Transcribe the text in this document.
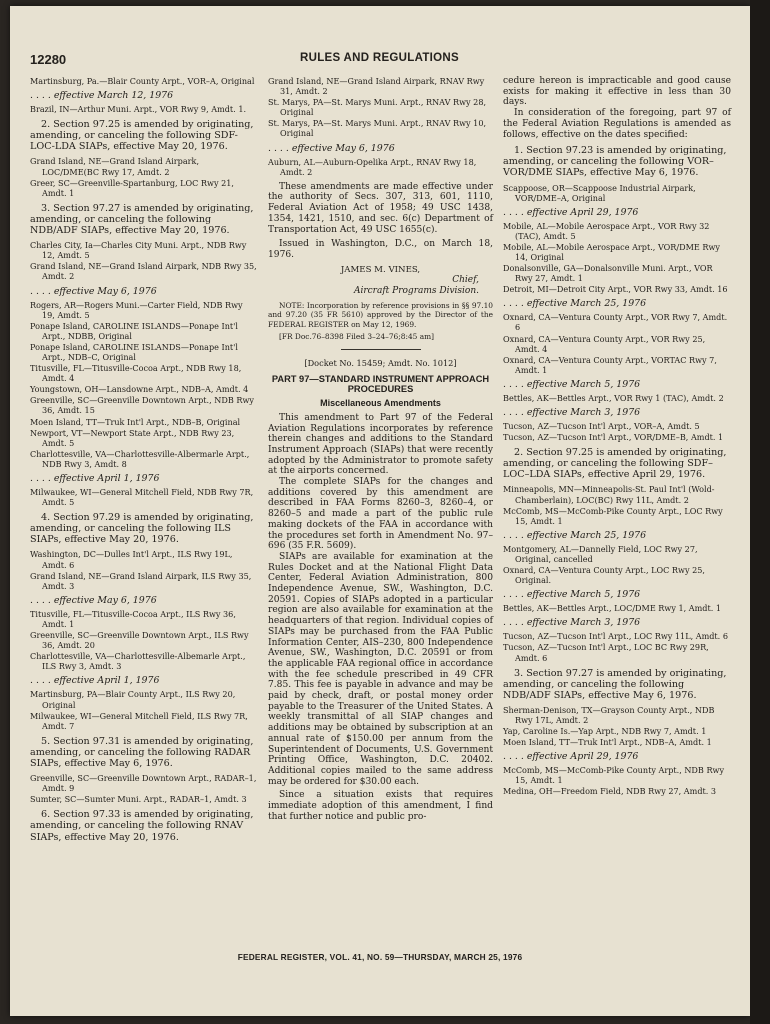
12280	RULES AND REGULATIONS

Martinsburg, Pa.—Blair County Arpt., VOR–A, Original

. . . . effective March 12, 1976

Brazil, IN—Arthur Muni. Arpt., VOR Rwy 9, Amdt. 1.

2. Section 97.25 is amended by originating, amending, or canceling the following SDF-LOC-LDA SIAPs, effective May 20, 1976.

Grand Island, NE—Grand Island Airpark, LOC/DME(BC Rwy 17, Amdt. 2

Greer, SC—Greenville-Spartanburg, LOC Rwy 21, Amdt. 1

3. Section 97.27 is amended by originating, amending, or canceling the following NDB/ADF SIAPs, effective May 20, 1976.

Charles City, Ia—Charles City Muni. Arpt., NDB Rwy 12, Amdt. 5

Grand Island, NE—Grand Island Airpark, NDB Rwy 35, Amdt. 2

. . . . effective May 6, 1976

Rogers, AR—Rogers Muni.—Carter Field, NDB Rwy 19, Amdt. 5

Ponape Island, CAROLINE ISLANDS—Ponape Int'l Arpt., NDBB, Original

Ponape Island, CAROLINE ISLANDS—Ponape Int'l Arpt., NDB–C, Original

Titusville, FL—Titusville-Cocoa Arpt., NDB Rwy 18, Amdt. 4

Youngstown, OH—Lansdowne Arpt., NDB–A, Amdt. 4

Greenville, SC—Greenville Downtown Arpt., NDB Rwy 36, Amdt. 15

Moen Island, TT—Truk Int'l Arpt., NDB–B, Original

Newport, VT—Newport State Arpt., NDB Rwy 23, Amdt. 5

Charlottesville, VA—Charlottesville-Albermarle Arpt., NDB Rwy 3, Amdt. 8

. . . . effective April 1, 1976

Milwaukee, WI—General Mitchell Field, NDB Rwy 7R, Amdt. 5

4. Section 97.29 is amended by originating, amending, or canceling the following ILS SIAPs, effective May 20, 1976.

Washington, DC—Dulles Int'l Arpt., ILS Rwy 19L, Amdt. 6

Grand Island, NE—Grand Island Airpark, ILS Rwy 35, Amdt. 3

. . . . effective May 6, 1976

Titusville, FL—Titusville-Cocoa Arpt., ILS Rwy 36, Amdt. 1

Greenville, SC—Greenville Downtown Arpt., ILS Rwy 36, Amdt. 20

Charlottesville, VA—Charlottesville-Albemarle Arpt., ILS Rwy 3, Amdt. 3

. . . . effective April 1, 1976

Martinsburg, PA—Blair County Arpt., ILS Rwy 20, Original

Milwaukee, WI—General Mitchell Field, ILS Rwy 7R, Amdt. 7

5. Section 97.31 is amended by originating, amending, or canceling the following RADAR SIAPs, effective May 6, 1976.

Greenville, SC—Greenville Downtown Arpt., RADAR–1, Amdt. 9

Sumter, SC—Sumter Muni. Arpt., RADAR–1, Amdt. 3

6. Section 97.33 is amended by originating, amending, or canceling the following RNAV SIAPs, effective May 20, 1976.

Grand Island, NE—Grand Island Airpark, RNAV Rwy 31, Amdt. 2

St. Marys, PA—St. Marys Muni. Arpt., RNAV Rwy 28, Original

St. Marys, PA—St. Marys Muni. Arpt., RNAV Rwy 10, Original

. . . . effective May 6, 1976

Auburn, AL—Auburn-Opelika Arpt., RNAV Rwy 18, Amdt. 2

These amendments are made effective under the authority of Secs. 307, 313, 601, 1110, Federal Aviation Act of 1958; 49 USC 1438, 1354, 1421, 1510, and sec. 6(c) Department of Transportation Act, 49 USC 1655(c).

Issued in Washington, D.C., on March 18, 1976.

JAMES M. VINES,

Chief,

Aircraft Programs Division.

NOTE: Incorporation by reference provisions in §§ 97.10 and 97.20 (35 FR 5610) approved by the Director of the FEDERAL REGISTER on May 12, 1969.

[FR Doc.76–8398 Filed 3–24–76;8:45 am]

[Docket No. 15459; Amdt. No. 1012]

PART 97—STANDARD INSTRUMENT APPROACH PROCEDURES

Miscellaneous Amendments

This amendment to Part 97 of the Federal Aviation Regulations incorporates by reference therein changes and additions to the Standard Instrument Approach (SIAPs) that were recently adopted by the Administrator to promote safety at the airports concerned.

The complete SIAPs for the changes and additions covered by this amendment are described in FAA Forms 8260–3, 8260–4, or 8260–5 and made a part of the public rule making dockets of the FAA in accordance with the procedures set forth in Amendment No. 97–696 (35 F.R. 5609).

SIAPs are available for examination at the Rules Docket and at the National Flight Data Center, Federal Aviation Administration, 800 Independence Avenue, SW., Washington, D.C. 20591. Copies of SIAPs adopted in a particular region are also available for examination at the headquarters of that region. Individual copies of SIAPs may be purchased from the FAA Public Information Center, AIS–230, 800 Independence Avenue, SW., Washington, D.C. 20591 or from the applicable FAA regional office in accordance with the fee schedule prescribed in 49 CFR 7.85. This fee is payable in advance and may be paid by check, draft, or postal money order payable to the Treasurer of the United States. A weekly transmittal of all SIAP changes and additions may be obtained by subscription at an annual rate of $150.00 per annum from the Superintendent of Documents, U.S. Government Printing Office, Washington, D.C. 20402. Additional copies mailed to the same address may be ordered for $30.00 each.

Since a situation exists that requires immediate adoption of this amendment, I find that further notice and public pro-

cedure hereon is impracticable and good cause exists for making it effective in less than 30 days.

In consideration of the foregoing, part 97 of the Federal Aviation Regulations is amended as follows, effective on the dates specified:

1. Section 97.23 is amended by originating, amending, or canceling the following VOR–VOR/DME SIAPs, effective May 6, 1976.

Scappoose, OR—Scappoose Industrial Airpark, VOR/DME–A, Original

. . . . effective April 29, 1976

Mobile, AL—Mobile Aerospace Arpt., VOR Rwy 32 (TAC), Amdt. 5

Mobile, AL—Mobile Aerospace Arpt., VOR/DME Rwy 14, Original

Donalsonville, GA—Donalsonville Muni. Arpt., VOR Rwy 27, Amdt. 1

Detroit, MI—Detroit City Arpt., VOR Rwy 33, Amdt. 16

. . . . effective March 25, 1976

Oxnard, CA—Ventura County Arpt., VOR Rwy 7, Amdt. 6

Oxnard, CA—Ventura County Arpt., VOR Rwy 25, Amdt. 4

Oxnard, CA—Ventura County Arpt., VORTAC Rwy 7, Amdt. 1

. . . . effective March 5, 1976

Bettles, AK—Bettles Arpt., VOR Rwy 1 (TAC), Amdt. 2

. . . . effective March 3, 1976

Tucson, AZ—Tucson Int'l Arpt., VOR–A, Amdt. 5

Tucson, AZ—Tucson Int'l Arpt., VOR/DME–B, Amdt. 1

2. Section 97.25 is amended by originating, amending, or canceling the following SDF–LOC–LDA SIAPs, effective April 29, 1976.

Minneapolis, MN—Minneapolis-St. Paul Int'l (Wold-Chamberlain), LOC(BC) Rwy 11L, Amdt. 2

McComb, MS—McComb-Pike County Arpt., LOC Rwy 15, Amdt. 1

. . . . effective March 25, 1976

Montgomery, AL—Dannelly Field, LOC Rwy 27, Original, cancelled

Oxnard, CA—Ventura County Arpt., LOC Rwy 25, Original.

. . . . effective March 5, 1976

Bettles, AK—Bettles Arpt., LOC/DME Rwy 1, Amdt. 1

. . . . effective March 3, 1976

Tucson, AZ—Tucson Int'l Arpt., LOC Rwy 11L, Amdt. 6

Tucson, AZ—Tucson Int'l Arpt., LOC BC Rwy 29R, Amdt. 6

3. Section 97.27 is amended by originating, amending, or canceling the following NDB/ADF SIAPs, effective May 6, 1976.

Sherman-Denison, TX—Grayson County Arpt., NDB Rwy 17L, Amdt. 2

Yap, Caroline Is.—Yap Arpt., NDB Rwy 7, Amdt. 1

Moen Island, TT—Truk Int'l Arpt., NDB–A, Amdt. 1

. . . . effective April 29, 1976

McComb, MS—McComb-Pike County Arpt., NDB Rwy 15, Amdt. 1

Medina, OH—Freedom Field, NDB Rwy 27, Amdt. 3

FEDERAL REGISTER, VOL. 41, NO. 59—THURSDAY, MARCH 25, 1976
